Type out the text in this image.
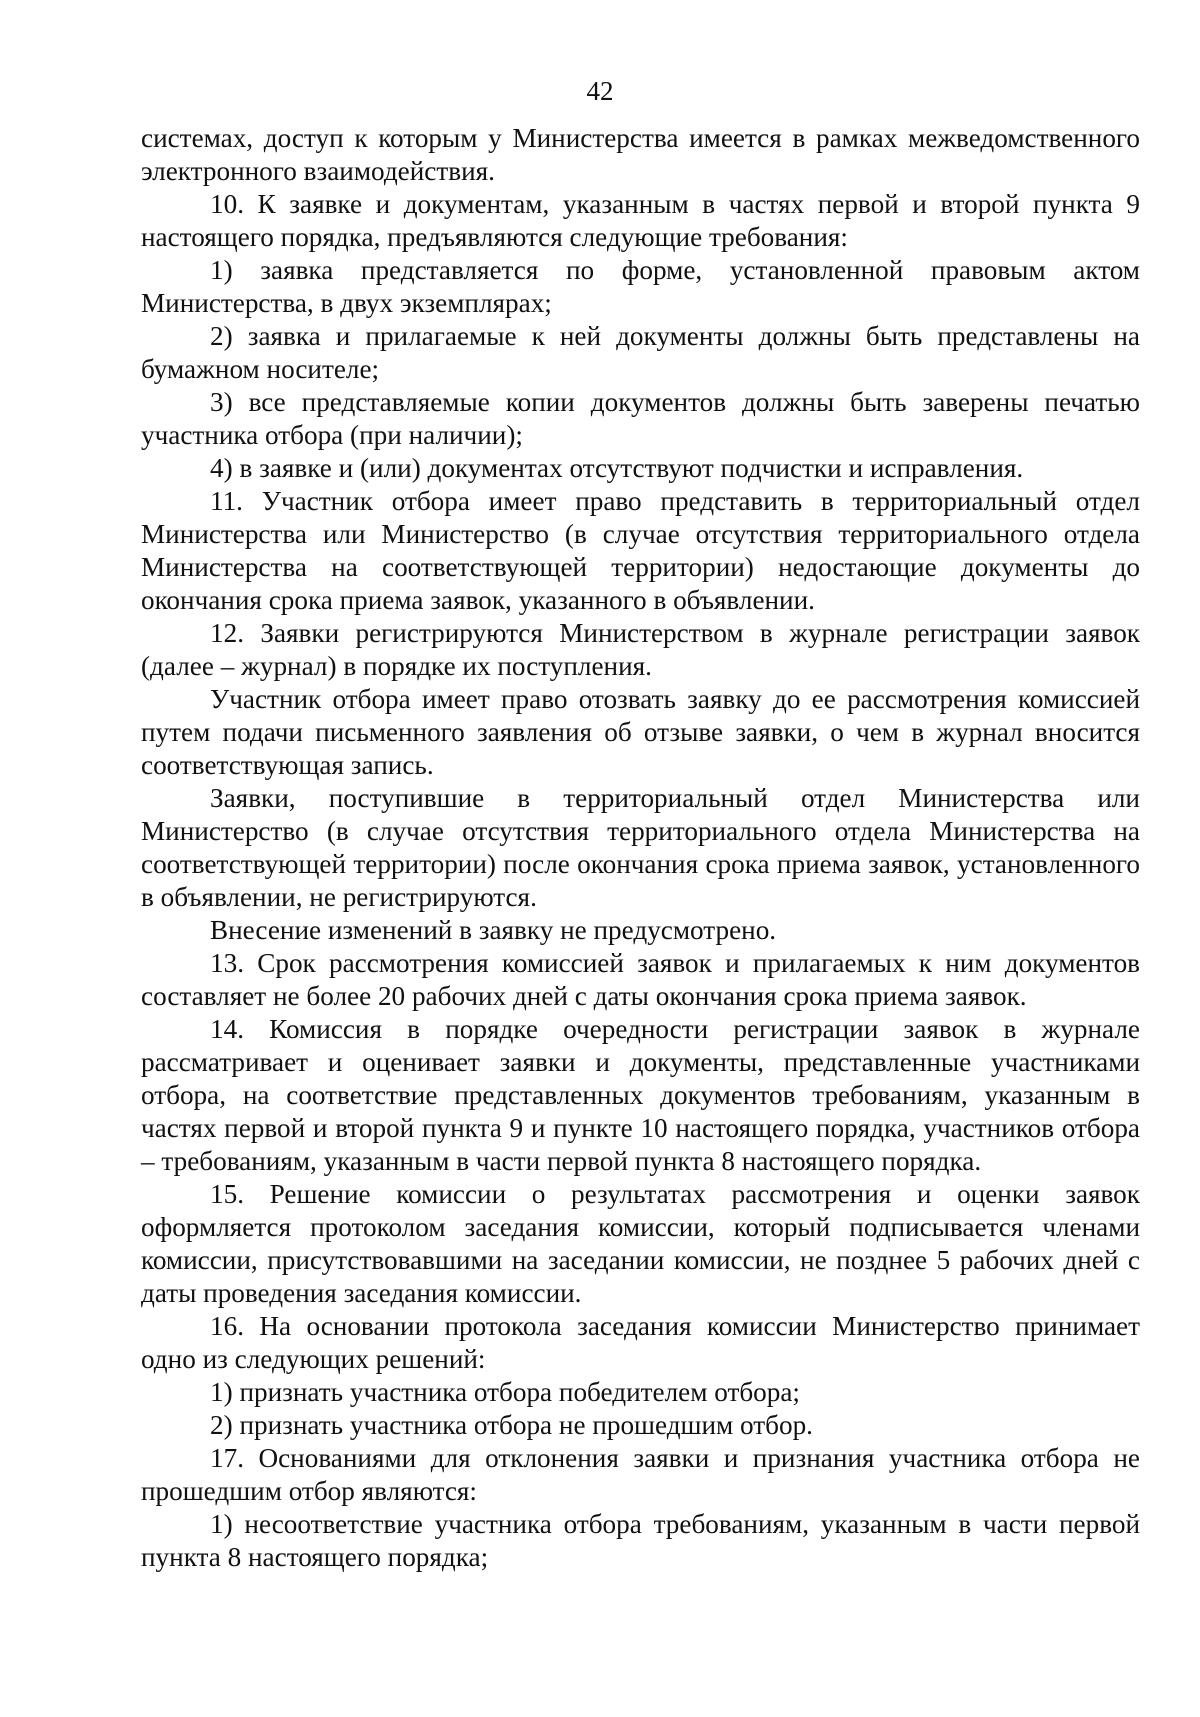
42

системах, доступ к которым у Министерства имеется в рамках межведомственного электронного взаимодействия.

10. К заявке и документам, указанным в частях первой и второй пункта 9 настоящего порядка, предъявляются следующие требования:

1) заявка представляется по форме, установленной правовым актом Министерства, в двух экземплярах;

2) заявка и прилагаемые к ней документы должны быть представлены на бумажном носителе;

3) все представляемые копии документов должны быть заверены печатью участника отбора (при наличии);

4) в заявке и (или) документах отсутствуют подчистки и исправления.

11. Участник отбора имеет право представить в территориальный отдел Министерства или Министерство (в случае отсутствия территориального отдела Министерства на соответствующей территории) недостающие документы до окончания срока приема заявок, указанного в объявлении.

12. Заявки регистрируются Министерством в журнале регистрации заявок (далее – журнал) в порядке их поступления.

Участник отбора имеет право отозвать заявку до ее рассмотрения комиссией путем подачи письменного заявления об отзыве заявки, о чем в журнал вносится соответствующая запись.

Заявки, поступившие в территориальный отдел Министерства или Министерство (в случае отсутствия территориального отдела Министерства на соответствующей территории) после окончания срока приема заявок, установленного в объявлении, не регистрируются.

Внесение изменений в заявку не предусмотрено.

13. Срок рассмотрения комиссией заявок и прилагаемых к ним документов составляет не более 20 рабочих дней с даты окончания срока приема заявок.

14. Комиссия в порядке очередности регистрации заявок в журнале рассматривает и оценивает заявки и документы, представленные участниками отбора, на соответствие представленных документов требованиям, указанным в частях первой и второй пункта 9 и пункте 10 настоящего порядка, участников отбора – требованиям, указанным в части первой пункта 8 настоящего порядка.

15. Решение комиссии о результатах рассмотрения и оценки заявок оформляется протоколом заседания комиссии, который подписывается членами комиссии, присутствовавшими на заседании комиссии, не позднее 5 рабочих дней с даты проведения заседания комиссии.

16. На основании протокола заседания комиссии Министерство принимает одно из следующих решений:

1) признать участника отбора победителем отбора;

2) признать участника отбора не прошедшим отбор.

17. Основаниями для отклонения заявки и признания участника отбора не прошедшим отбор являются:

1) несоответствие участника отбора требованиям, указанным в части первой пункта 8 настоящего порядка;
